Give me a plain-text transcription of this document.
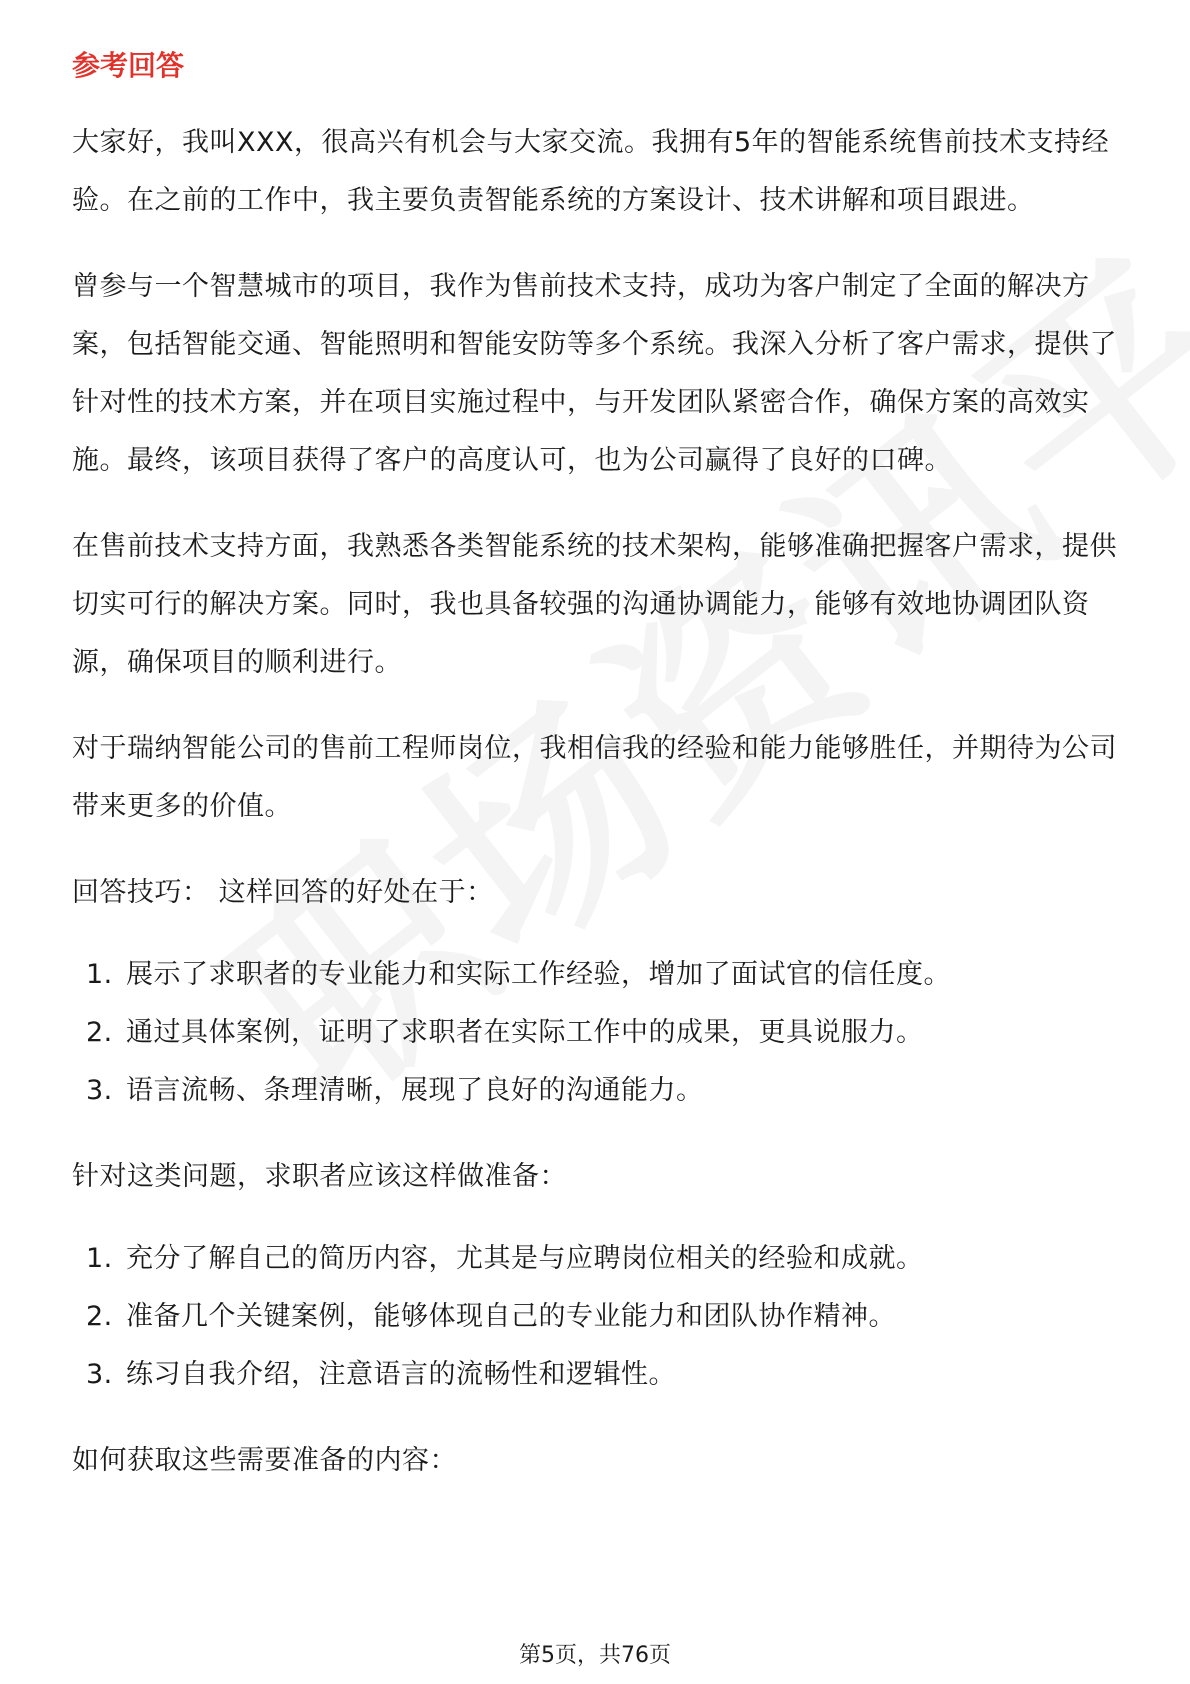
参考回答

大家好，我叫XXX，很高兴有机会与大家交流。我拥有5年的智能系统售前技术支持经验。在之前的工作中，我主要负责智能系统的方案设计、技术讲解和项目跟进。

曾参与一个智慧城市的项目，我作为售前技术支持，成功为客户制定了全面的解决方案，包括智能交通、智能照明和智能安防等多个系统。我深入分析了客户需求，提供了针对性的技术方案，并在项目实施过程中，与开发团队紧密合作，确保方案的高效实施。最终，该项目获得了客户的高度认可，也为公司赢得了良好的口碑。

在售前技术支持方面，我熟悉各类智能系统的技术架构，能够准确把握客户需求，提供切实可行的解决方案。同时，我也具备较强的沟通协调能力，能够有效地协调团队资源，确保项目的顺利进行。

对于瑞纳智能公司的售前工程师岗位，我相信我的经验和能力能够胜任，并期待为公司带来更多的价值。

回答技巧： 这样回答的好处在于：

1. 展示了求职者的专业能力和实际工作经验，增加了面试官的信任度。
2. 通过具体案例，证明了求职者在实际工作中的成果，更具说服力。
3. 语言流畅、条理清晰，展现了良好的沟通能力。

针对这类问题，求职者应该这样做准备：

1. 充分了解自己的简历内容，尤其是与应聘岗位相关的经验和成就。
2. 准备几个关键案例，能够体现自己的专业能力和团队协作精神。
3. 练习自我介绍，注意语言的流畅性和逻辑性。

如何获取这些需要准备的内容：

第5页，共76页
